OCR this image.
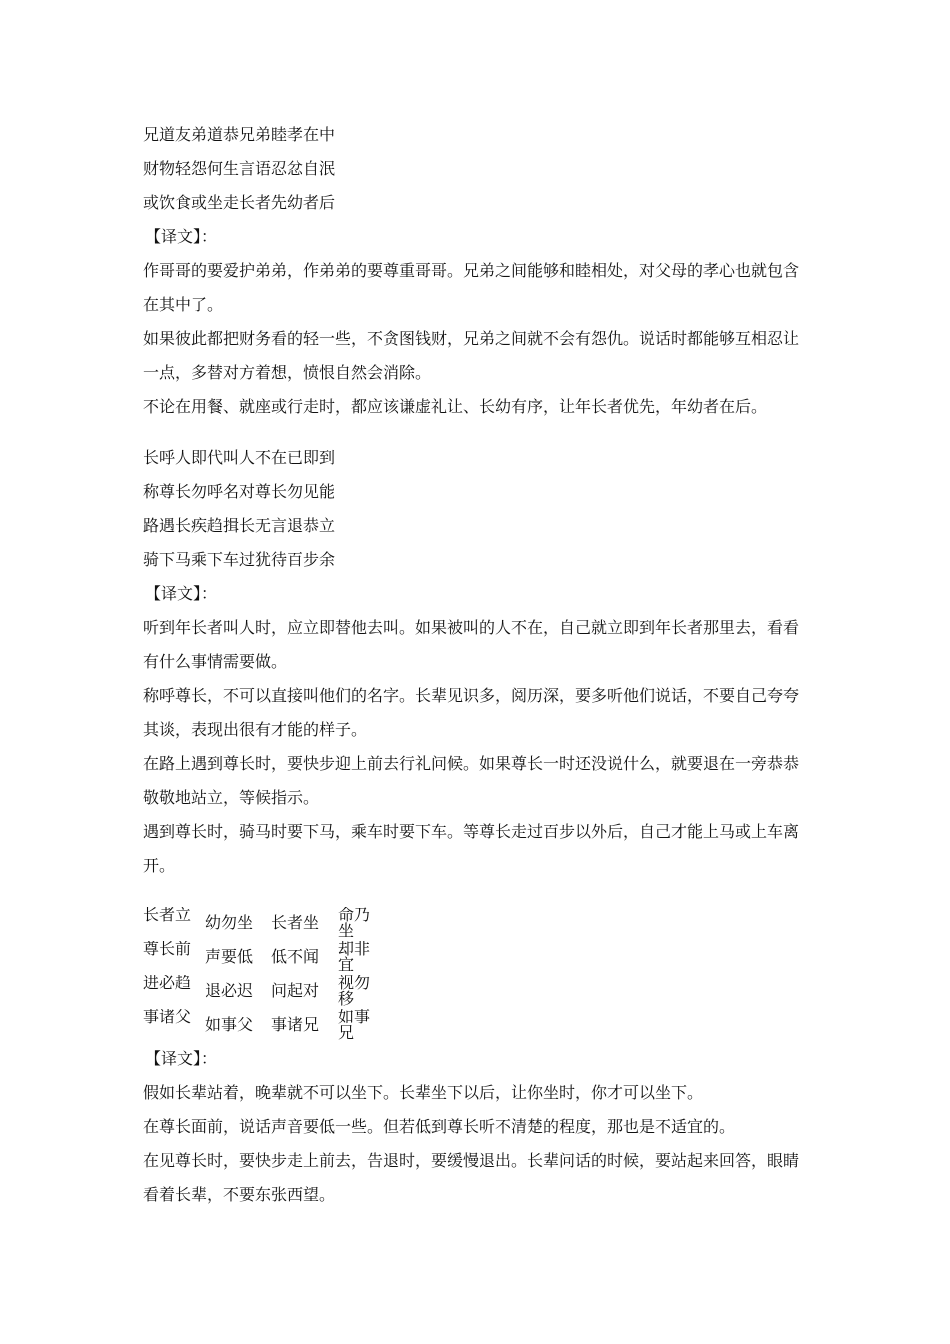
兄道友弟道恭兄弟睦孝在中
财物轻怨何生言语忍忿自泯
或饮食或坐走长者先幼者后
【译文】：
作哥哥的要爱护弟弟，作弟弟的要尊重哥哥。兄弟之间能够和睦相处，对父母的孝心也就包含在其中了。
如果彼此都把财务看的轻一些，不贪图钱财，兄弟之间就不会有怨仇。说话时都能够互相忍让一点，多替对方着想，愤恨自然会消除。
不论在用餐、就座或行走时，都应该谦虚礼让、长幼有序，让年长者优先，年幼者在后。
长呼人即代叫人不在已即到
称尊长勿呼名对尊长勿见能
路遇长疾趋揖长无言退恭立
骑下马乘下车过犹待百步余
【译文】：
听到年长者叫人时，应立即替他去叫。如果被叫的人不在，自己就立即到年长者那里去，看看有什么事情需要做。
称呼尊长，不可以直接叫他们的名字。长辈见识多，阅历深，要多听他们说话，不要自己夸夸其谈，表现出很有才能的样子。
在路上遇到尊长时，要快步迎上前去行礼问候。如果尊长一时还没说什么，就要退在一旁恭恭敬敬地站立，等候指示。
遇到尊长时，骑马时要下马，乘车时要下车。等尊长走过百步以外后，自己才能上马或上车离开。
长者立	幼勿坐	长者坐	命乃坐

尊长前	声要低	低不闻	却非宜

进必趋	退必迟	问起对	视勿移

事诸父	如事父	事诸兄	如事兄
【译文】：
假如长辈站着，晚辈就不可以坐下。长辈坐下以后，让你坐时，你才可以坐下。
在尊长面前，说话声音要低一些。但若低到尊长听不清楚的程度，那也是不适宜的。
在见尊长时，要快步走上前去，告退时，要缓慢退出。长辈问话的时候，要站起来回答，眼睛看着长辈，不要东张西望。
